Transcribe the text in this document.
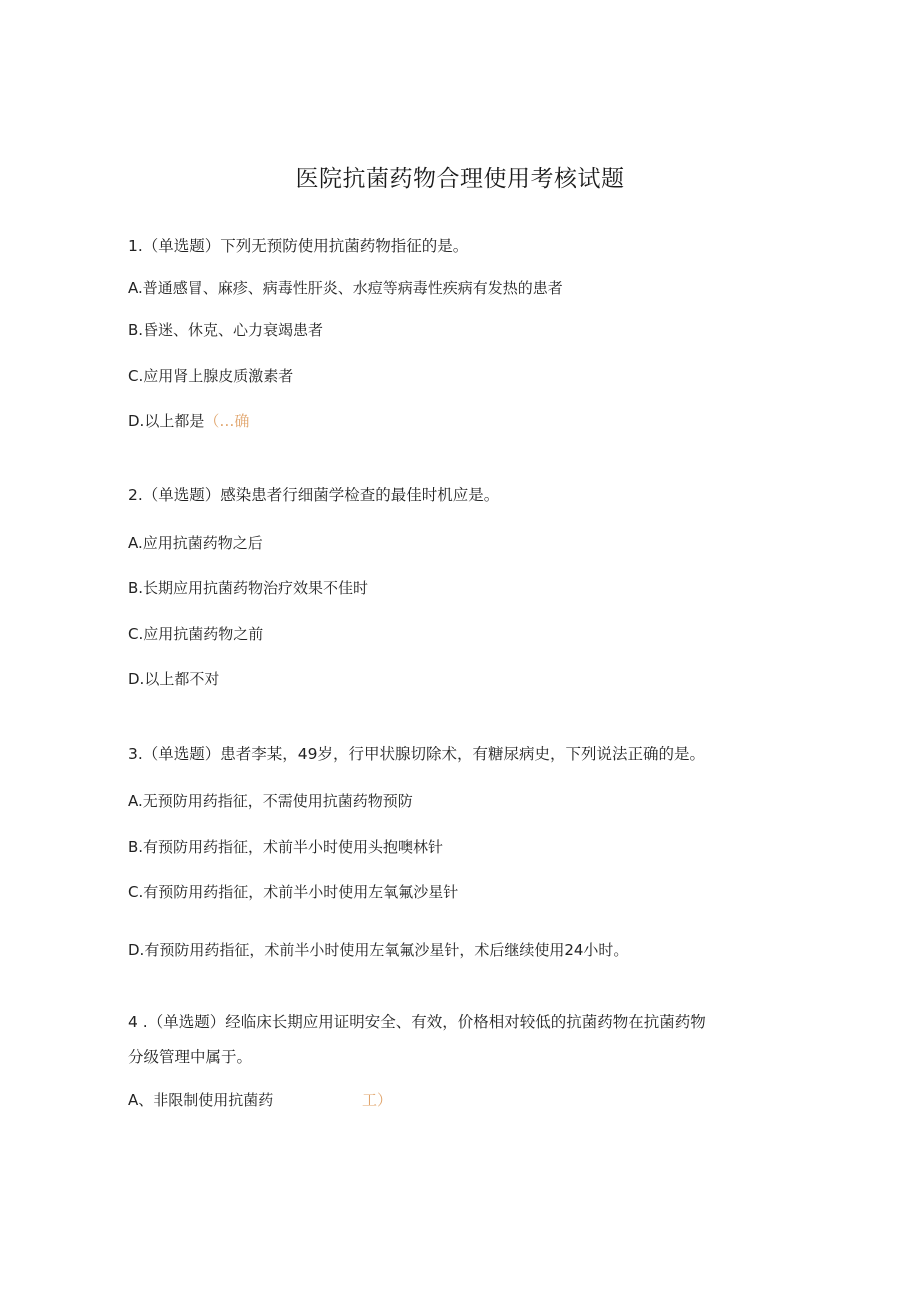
医院抗菌药物合理使用考核试题
1.（单选题）下列无预防使用抗菌药物指征的是。
A.普通感冒、麻疹、病毒性肝炎、水痘等病毒性疾病有发热的患者
B.昏迷、休克、心力衰竭患者
C.应用肾上腺皮质激素者
D.以上都是（…确
2.（单选题）感染患者行细菌学检查的最佳时机应是。
A.应用抗菌药物之后
B.长期应用抗菌药物治疗效果不佳时
C.应用抗菌药物之前
D.以上都不对
3.（单选题）患者李某，49岁，行甲状腺切除术，有糖尿病史，下列说法正确的是。
A.无预防用药指征，不需使用抗菌药物预防
B.有预防用药指征，术前半小时使用头抱噢林针
C.有预防用药指征，术前半小时使用左氧氟沙星针
D.有预防用药指征，术前半小时使用左氧氟沙星针，术后继续使用24小时。
4 .（单选题）经临床长期应用证明安全、有效，价格相对较低的抗菌药物在抗菌药物
分级管理中属于。
A、非限制使用抗菌药	工）
